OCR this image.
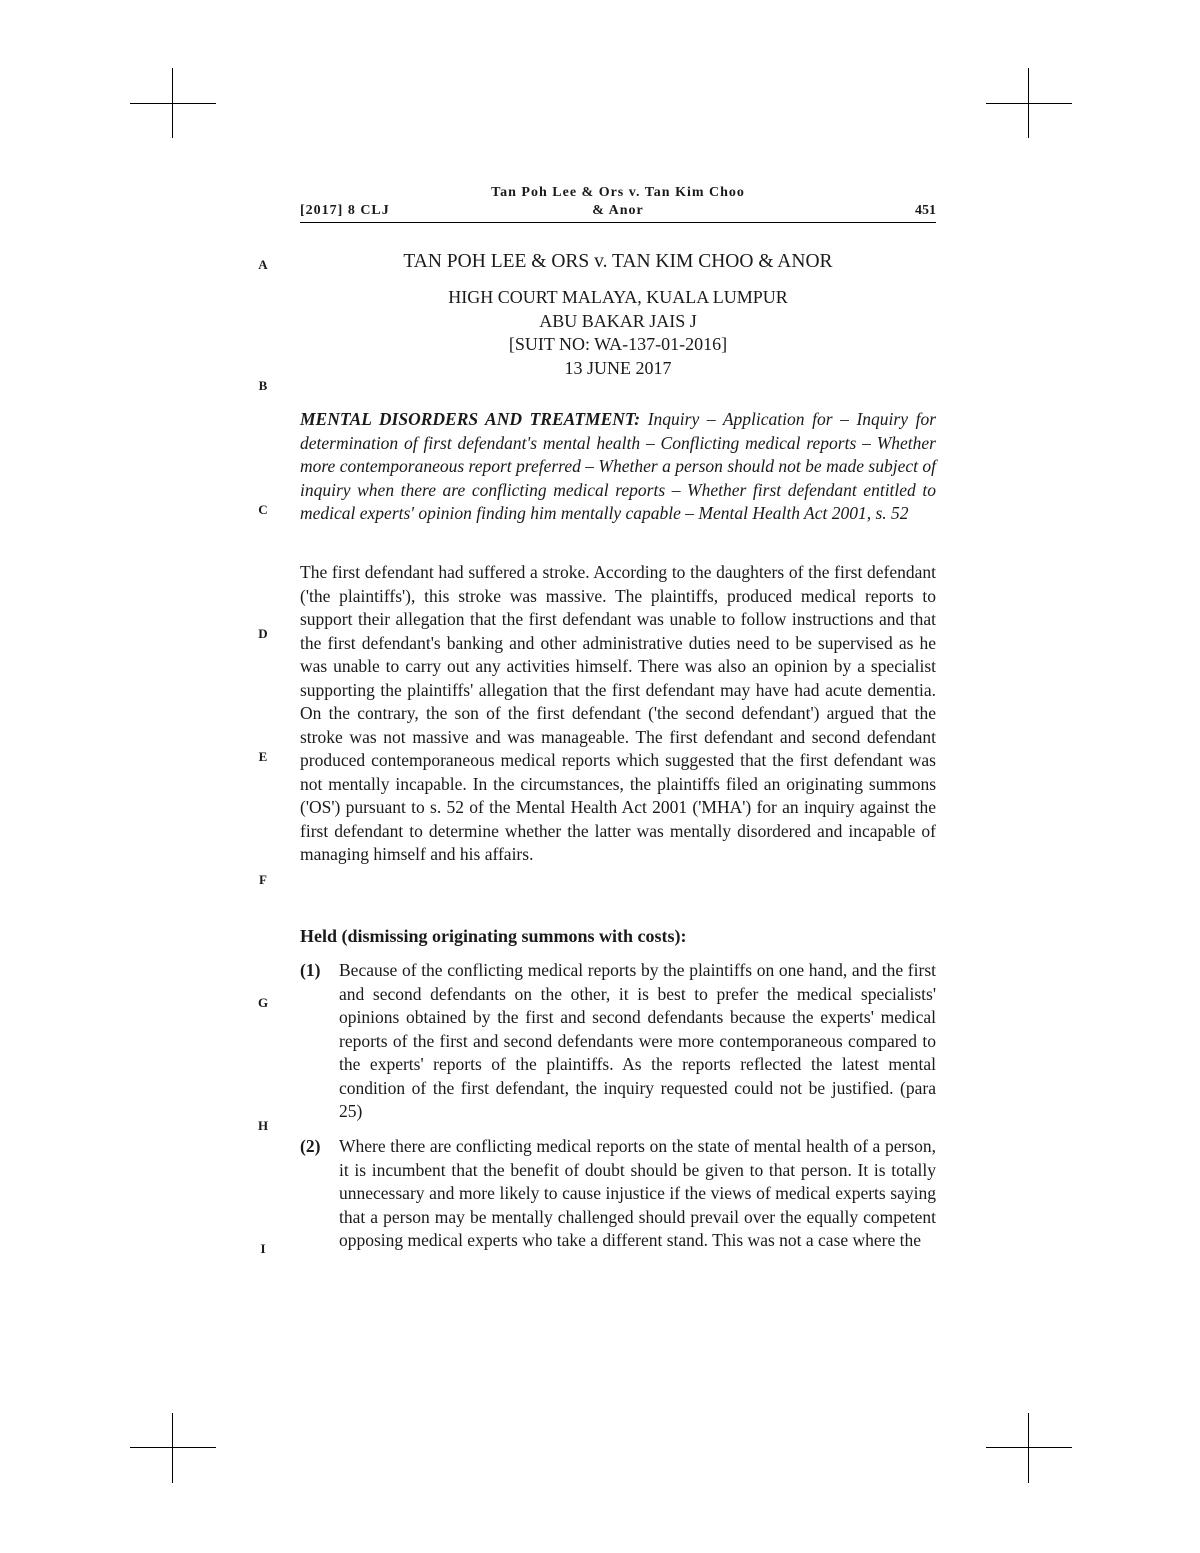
Tan Poh Lee & Ors v. Tan Kim Choo
& Anor
[2017] 8 CLJ	451
A
B
C
D
E
F
G
H
I
TAN POH LEE & ORS v. TAN KIM CHOO & ANOR
HIGH COURT MALAYA, KUALA LUMPUR
ABU BAKAR JAIS J
[SUIT NO: WA-137-01-2016]
13 JUNE 2017
MENTAL DISORDERS AND TREATMENT: Inquiry – Application for – Inquiry for determination of first defendant's mental health – Conflicting medical reports – Whether more contemporaneous report preferred – Whether a person should not be made subject of inquiry when there are conflicting medical reports – Whether first defendant entitled to medical experts' opinion finding him mentally capable – Mental Health Act 2001, s. 52
The first defendant had suffered a stroke. According to the daughters of the first defendant ('the plaintiffs'), this stroke was massive. The plaintiffs, produced medical reports to support their allegation that the first defendant was unable to follow instructions and that the first defendant's banking and other administrative duties need to be supervised as he was unable to carry out any activities himself. There was also an opinion by a specialist supporting the plaintiffs' allegation that the first defendant may have had acute dementia. On the contrary, the son of the first defendant ('the second defendant') argued that the stroke was not massive and was manageable. The first defendant and second defendant produced contemporaneous medical reports which suggested that the first defendant was not mentally incapable. In the circumstances, the plaintiffs filed an originating summons ('OS') pursuant to s. 52 of the Mental Health Act 2001 ('MHA') for an inquiry against the first defendant to determine whether the latter was mentally disordered and incapable of managing himself and his affairs.
Held (dismissing originating summons with costs):
(1)	Because of the conflicting medical reports by the plaintiffs on one hand, and the first and second defendants on the other, it is best to prefer the medical specialists' opinions obtained by the first and second defendants because the experts' medical reports of the first and second defendants were more contemporaneous compared to the experts' reports of the plaintiffs. As the reports reflected the latest mental condition of the first defendant, the inquiry requested could not be justified. (para 25)
(2)	Where there are conflicting medical reports on the state of mental health of a person, it is incumbent that the benefit of doubt should be given to that person. It is totally unnecessary and more likely to cause injustice if the views of medical experts saying that a person may be mentally challenged should prevail over the equally competent opposing medical experts who take a different stand. This was not a case where the
